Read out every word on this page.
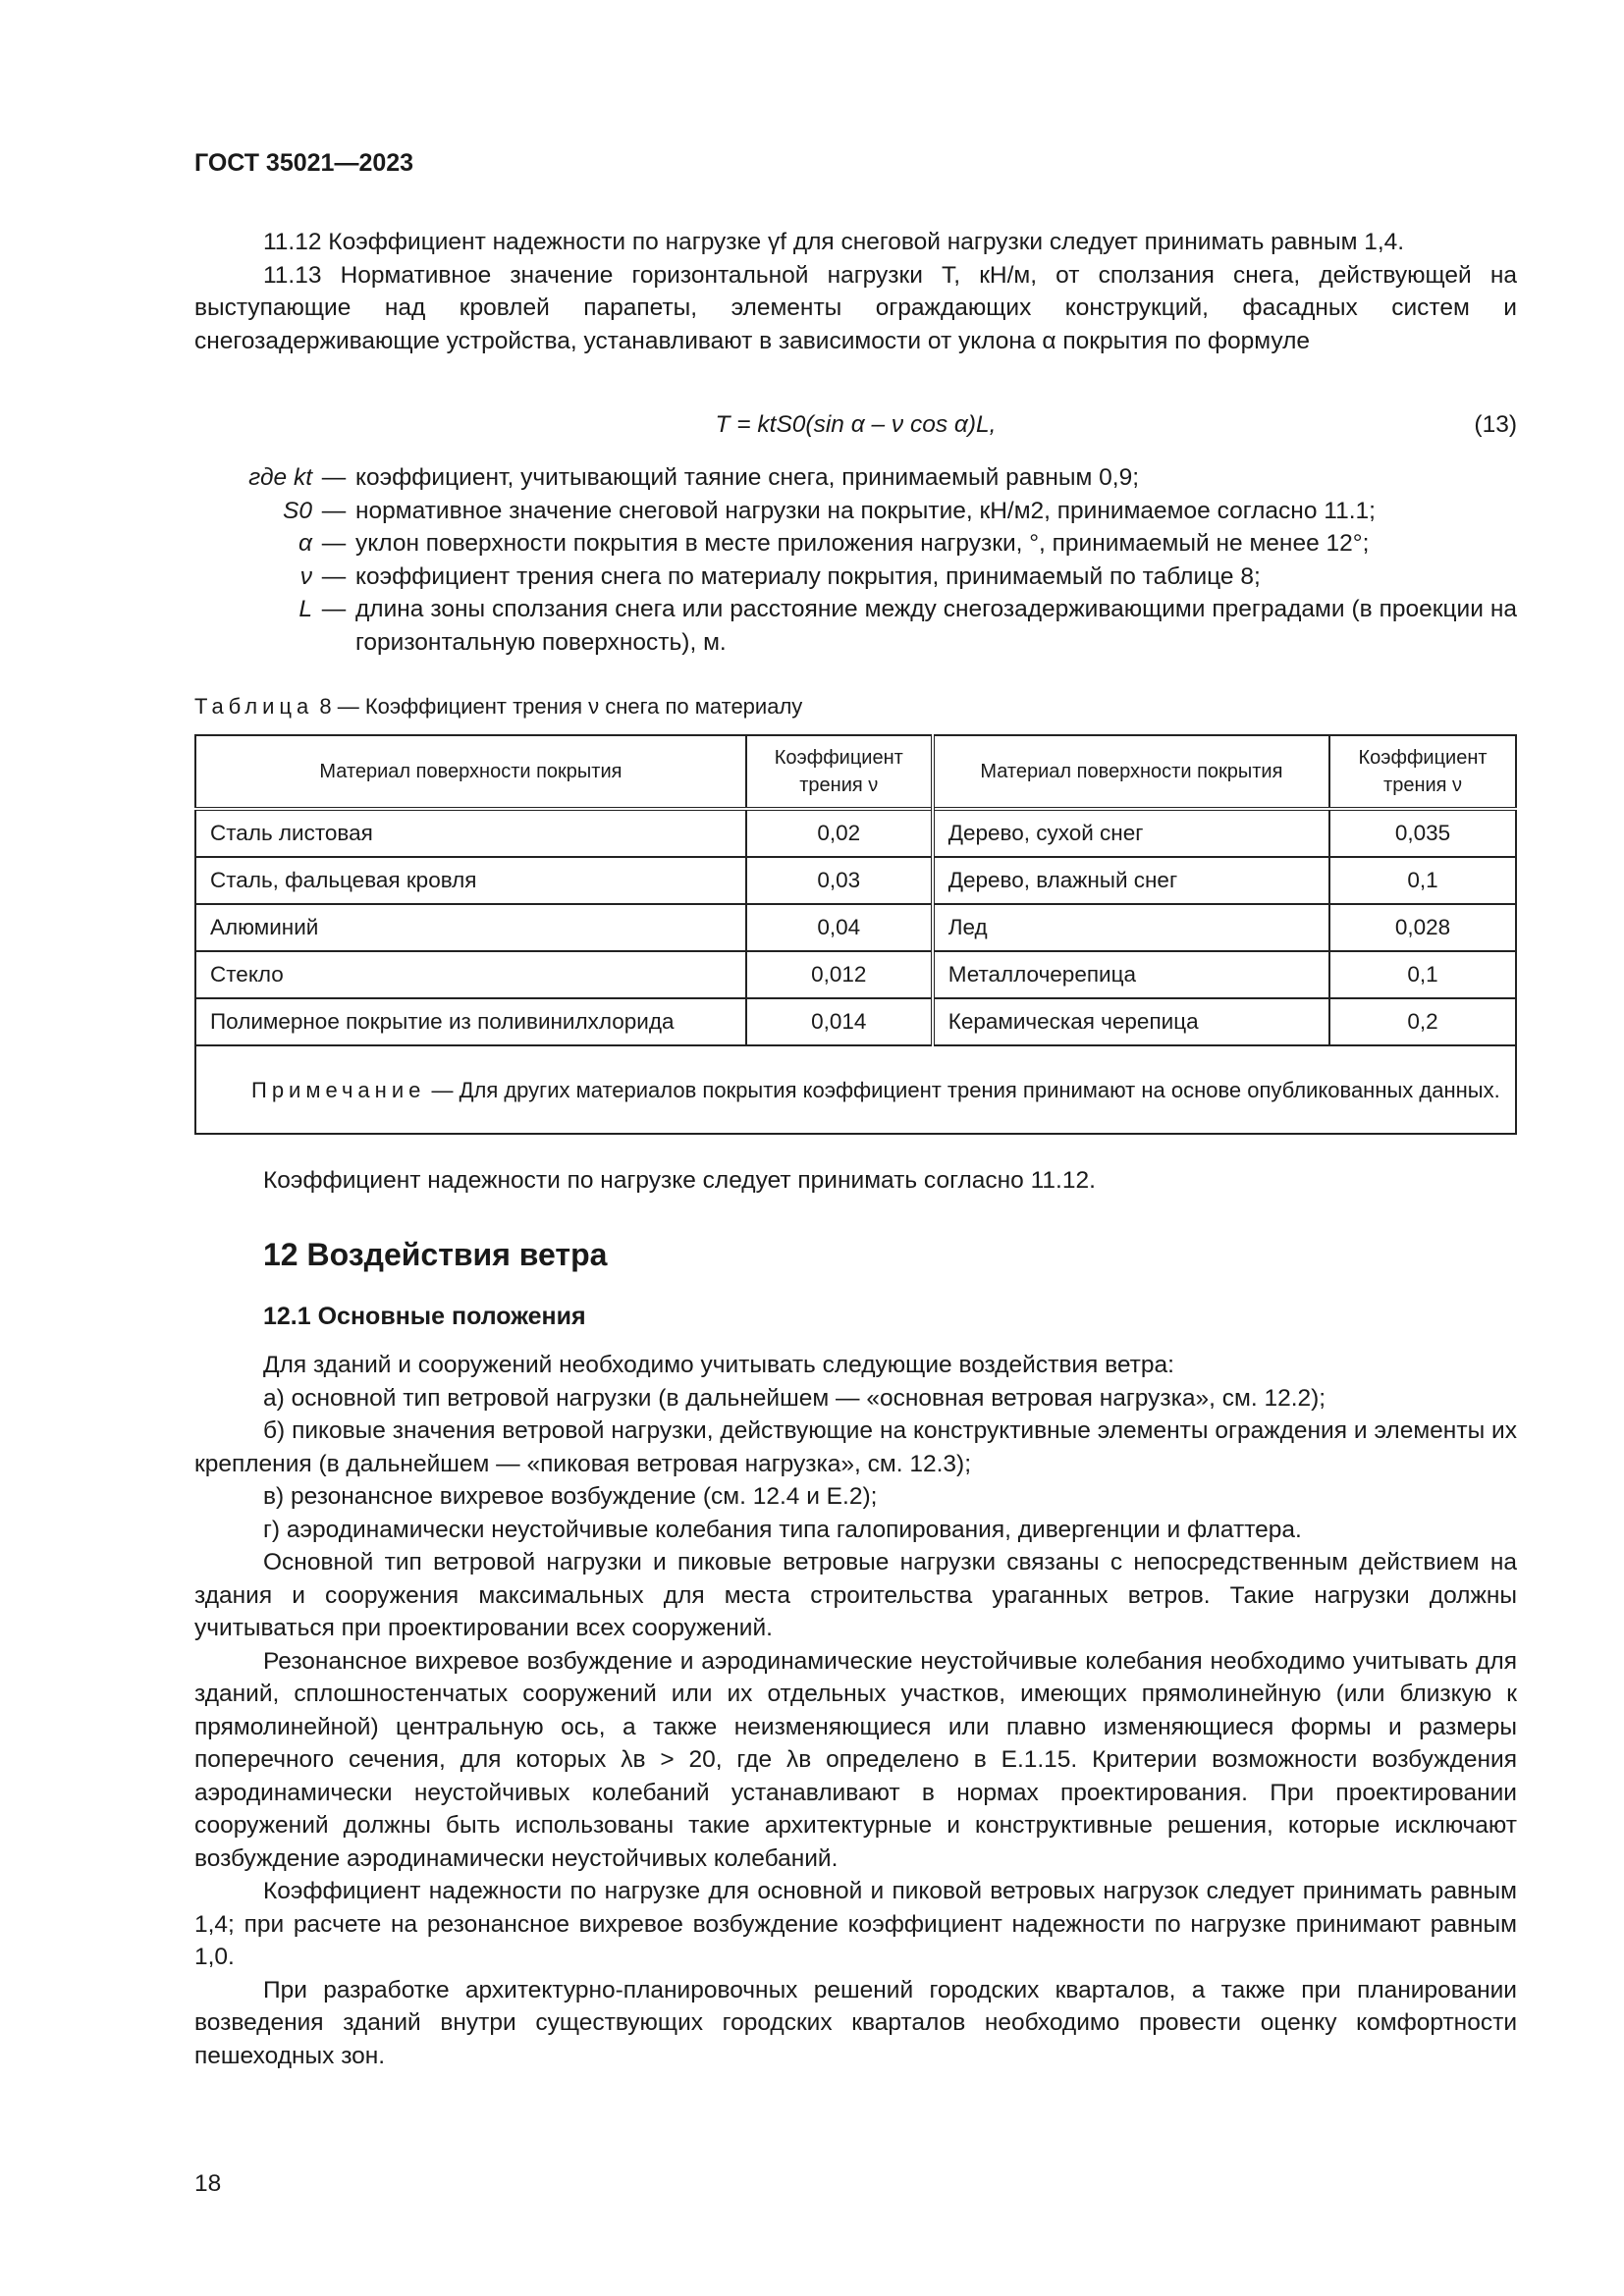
ГОСТ 35021—2023

11.12 Коэффициент надежности по нагрузке γf для снеговой нагрузки следует принимать равным 1,4.

11.13 Нормативное значение горизонтальной нагрузки T, кН/м, от сползания снега, действующей на выступающие над кровлей парапеты, элементы ограждающих конструкций, фасадных систем и снегозадерживающие устройства, устанавливают в зависимости от уклона α покрытия по формуле

T = ktS0(sin α – ν cos α)L,	(13)
где kt — коэффициент, учитывающий таяние снега, принимаемый равным 0,9;
S0 — нормативное значение снеговой нагрузки на покрытие, кН/м2, принимаемое согласно 11.1;
α — уклон поверхности покрытия в месте приложения нагрузки, °, принимаемый не менее 12°;
ν — коэффициент трения снега по материалу покрытия, принимаемый по таблице 8;
L — длина зоны сползания снега или расстояние между снегозадерживающими преградами (в проекции на горизонтальную поверхность), м.
Таблица 8 — Коэффициент трения ν снега по материалу
Материал поверхности покрытия	Коэффициент трения ν	Материал поверхности покрытия	Коэффициент трения ν
Сталь листовая	0,02	Дерево, сухой снег	0,035
Сталь, фальцевая кровля	0,03	Дерево, влажный снег	0,1
Алюминий	0,04	Лед	0,028
Стекло	0,012	Металлочерепица	0,1
Полимерное покрытие из поливинилхлорида	0,014	Керамическая черепица	0,2
Примечание — Для других материалов покрытия коэффициент трения принимают на основе опубликованных данных.			
Коэффициент надежности по нагрузке следует принимать согласно 11.12.
12 Воздействия ветра
12.1 Основные положения

Для зданий и сооружений необходимо учитывать следующие воздействия ветра:

а) основной тип ветровой нагрузки (в дальнейшем — «основная ветровая нагрузка», см. 12.2);

б) пиковые значения ветровой нагрузки, действующие на конструктивные элементы ограждения и элементы их крепления (в дальнейшем — «пиковая ветровая нагрузка», см. 12.3);

в) резонансное вихревое возбуждение (см. 12.4 и Е.2);

г) аэродинамически неустойчивые колебания типа галопирования, дивергенции и флаттера.

Основной тип ветровой нагрузки и пиковые ветровые нагрузки связаны с непосредственным действием на здания и сооружения максимальных для места строительства ураганных ветров. Такие нагрузки должны учитываться при проектировании всех сооружений.

Резонансное вихревое возбуждение и аэродинамические неустойчивые колебания необходимо учитывать для зданий, сплошностенчатых сооружений или их отдельных участков, имеющих прямолинейную (или близкую к прямолинейной) центральную ось, а также неизменяющиеся или плавно изменяющиеся формы и размеры поперечного сечения, для которых λв > 20, где λв определено в Е.1.15. Критерии возможности возбуждения аэродинамически неустойчивых колебаний устанавливают в нормах проектирования. При проектировании сооружений должны быть использованы такие архитектурные и конструктивные решения, которые исключают возбуждение аэродинамически неустойчивых колебаний.

Коэффициент надежности по нагрузке для основной и пиковой ветровых нагрузок следует принимать равным 1,4; при расчете на резонансное вихревое возбуждение коэффициент надежности по нагрузке принимают равным 1,0.

При разработке архитектурно-планировочных решений городских кварталов, а также при планировании возведения зданий внутри существующих городских кварталов необходимо провести оценку комфортности пешеходных зон.

18
